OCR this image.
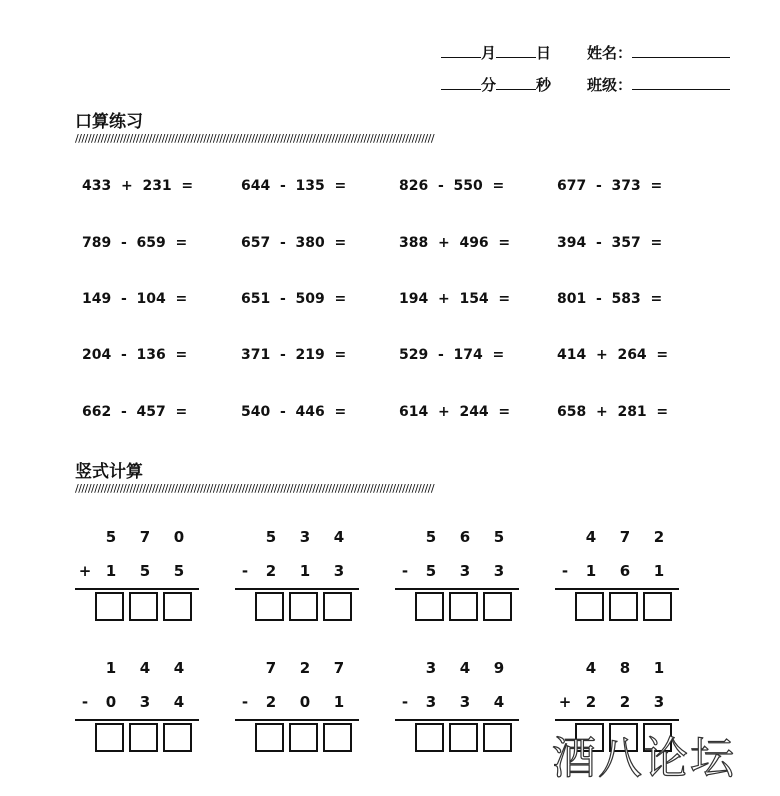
月	日 姓名：
分	秒 班级：
口算练习
////////////////////////////////////////////////////////////////////////////////////////////////////////////////
433  +  231  =	644  -  135  =	826  -  550  =	677  -  373  =
789  -  659  =	657  -  380  =	388  +  496  =	394  -  357  =
149  -  104  =	651  -  509  =	194  +  154  =	801  -  583  =
204  -  136  =	371  -  219  =	529  -  174  =	414  +  264  =
662  -  457  =	540  -  446  =	614  +  244  =	658  +  281  =
竖式计算
////////////////////////////////////////////////////////////////////////////////////////////////////////////////
5 7 0
+ 1 5 5
5 3 4
-	2 1 3
5 6 5
-	5 3 3
4 7 2
-	1 6 1
1 4 4
-	0 3 4
7 2 7
-	2 0 1
3 4 9
-	3 3 4
4 8 1
+ 2 2 3
酒八论坛
